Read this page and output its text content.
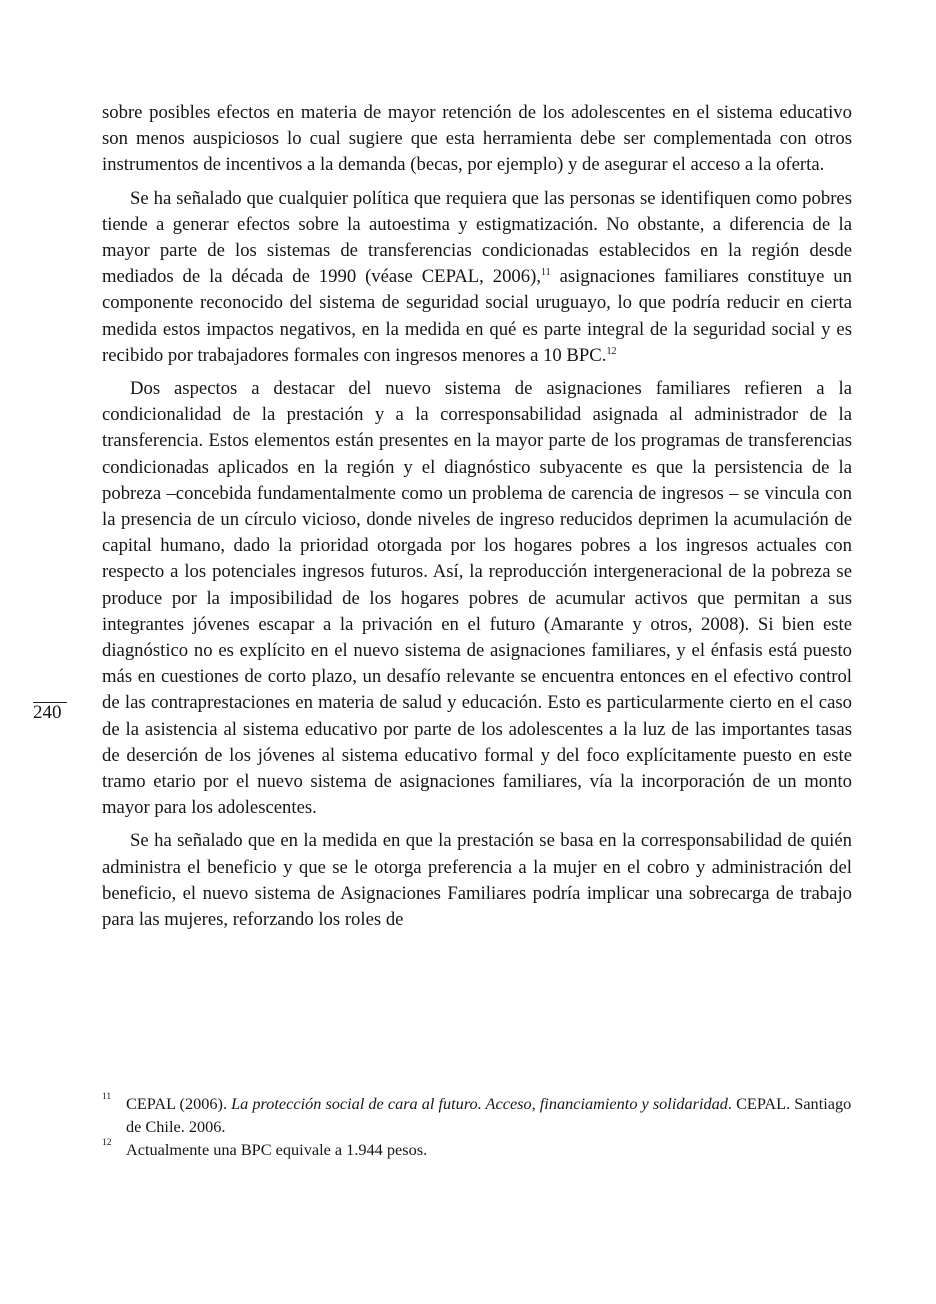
sobre posibles efectos en materia de mayor retención de los adolescentes en el sistema educativo son menos auspiciosos lo cual sugiere que esta herramienta debe ser complementada con otros instrumentos de incentivos a la demanda (becas, por ejemplo) y de asegurar el acceso a la oferta.

Se ha señalado que cualquier política que requiera que las personas se identifiquen como pobres tiende a generar efectos sobre la autoestima y estigmatización. No obstante, a diferencia de la mayor parte de los sistemas de transferencias condicionadas establecidos en la región desde mediados de la década de 1990 (véase CEPAL, 2006),$^{11}$ asignaciones familiares constituye un componente reconocido del sistema de seguridad social uruguayo, lo que podría reducir en cierta medida estos impactos negativos, en la medida en qué es parte integral de la seguridad social y es recibido por trabajadores formales con ingresos menores a 10 BPC.$^{12}$

Dos aspectos a destacar del nuevo sistema de asignaciones familiares refieren a la condicionalidad de la prestación y a la corresponsabilidad asignada al administrador de la transferencia. Estos elementos están presentes en la mayor parte de los programas de transferencias condicionadas aplicados en la región y el diagnóstico subyacente es que la persistencia de la pobreza –concebida fundamentalmente como un problema de carencia de ingresos – se vincula con la presencia de un círculo vicioso, donde niveles de ingreso reducidos deprimen la acumulación de capital humano, dado la prioridad otorgada por los hogares pobres a los ingresos actuales con respecto a los potenciales ingresos futuros. Así, la reproducción intergeneracional de la pobreza se produce por la imposibilidad de los hogares pobres de acumular activos que permitan a sus integrantes jóvenes escapar a la privación en el futuro (Amarante y otros, 2008). Si bien este diagnóstico no es explícito en el nuevo sistema de asignaciones familiares, y el énfasis está puesto más en cuestiones de corto plazo, un desafío relevante se encuentra entonces en el efectivo control de las contraprestaciones en materia de salud y educación. Esto es particularmente cierto en el caso de la asistencia al sistema educativo por parte de los adolescentes a la luz de las importantes tasas de deserción de los jóvenes al sistema educativo formal y del foco explícitamente puesto en este tramo etario por el nuevo sistema de asignaciones familiares, vía la incorporación de un monto mayor para los adolescentes.

Se ha señalado que en la medida en que la prestación se basa en la corresponsabilidad de quién administra el beneficio y que se le otorga preferencia a la mujer en el cobro y administración del beneficio, el nuevo sistema de Asignaciones Familiares podría implicar una sobrecarga de trabajo para las mujeres, reforzando los roles de

240
11 CEPAL (2006). La protección social de cara al futuro. Acceso, financiamiento y solidaridad. CEPAL. Santiago de Chile. 2006.
12 Actualmente una BPC equivale a 1.944 pesos.
